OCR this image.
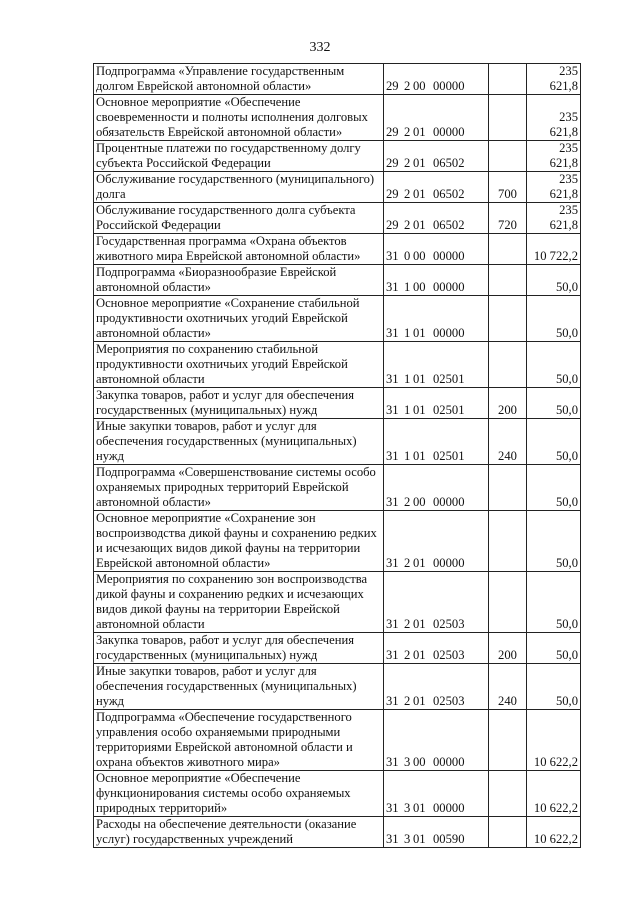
332
Подпрограмма «Управление государственным долгом Еврейской автономной области»	29 2 00 00000		235 621,8
Основное мероприятие «Обеспечение своевременности и полноты исполнения долговых обязательств Еврейской автономной области»	29 2 01 00000		235 621,8
Процентные платежи по государственному долгу субъекта Российской Федерации	29 2 01 06502		235 621,8
Обслуживание государственного (муниципального) долга	29 2 01 06502	700	235 621,8
Обслуживание государственного долга субъекта Российской Федерации	29 2 01 06502	720	235 621,8
Государственная программа «Охрана объектов животного мира Еврейской автономной области»	31 0 00 00000		10 722,2
Подпрограмма «Биоразнообразие Еврейской автономной области»	31 1 00 00000		50,0
Основное мероприятие «Сохранение стабильной продуктивности охотничьих угодий Еврейской автономной области»	31 1 01 00000		50,0
Мероприятия по сохранению стабильной продуктивности охотничьих угодий Еврейской автономной области	31 1 01 02501		50,0
Закупка товаров, работ и услуг для обеспечения государственных (муниципальных) нужд	31 1 01 02501	200	50,0
Иные закупки товаров, работ и услуг для обеспечения государственных (муниципальных) нужд	31 1 01 02501	240	50,0
Подпрограмма «Совершенствование системы особо охраняемых природных территорий Еврейской автономной области»	31 2 00 00000		50,0
Основное мероприятие «Сохранение зон воспроизводства дикой фауны и сохранению редких и исчезающих видов дикой фауны на территории Еврейской автономной области»	31 2 01 00000		50,0
Мероприятия по сохранению зон воспроизводства дикой фауны и сохранению редких и исчезающих видов дикой фауны на территории Еврейской автономной области	31 2 01 02503		50,0
Закупка товаров, работ и услуг для обеспечения государственных (муниципальных) нужд	31 2 01 02503	200	50,0
Иные закупки товаров, работ и услуг для обеспечения государственных (муниципальных) нужд	31 2 01 02503	240	50,0
Подпрограмма «Обеспечение государственного управления особо охраняемыми природными территориями Еврейской автономной области и охрана объектов животного мира»	31 3 00 00000		10 622,2
Основное мероприятие «Обеспечение функционирования системы особо охраняемых природных территорий»	31 3 01 00000		10 622,2
Расходы на обеспечение деятельности (оказание услуг) государственных учреждений	31 3 01 00590		10 622,2
